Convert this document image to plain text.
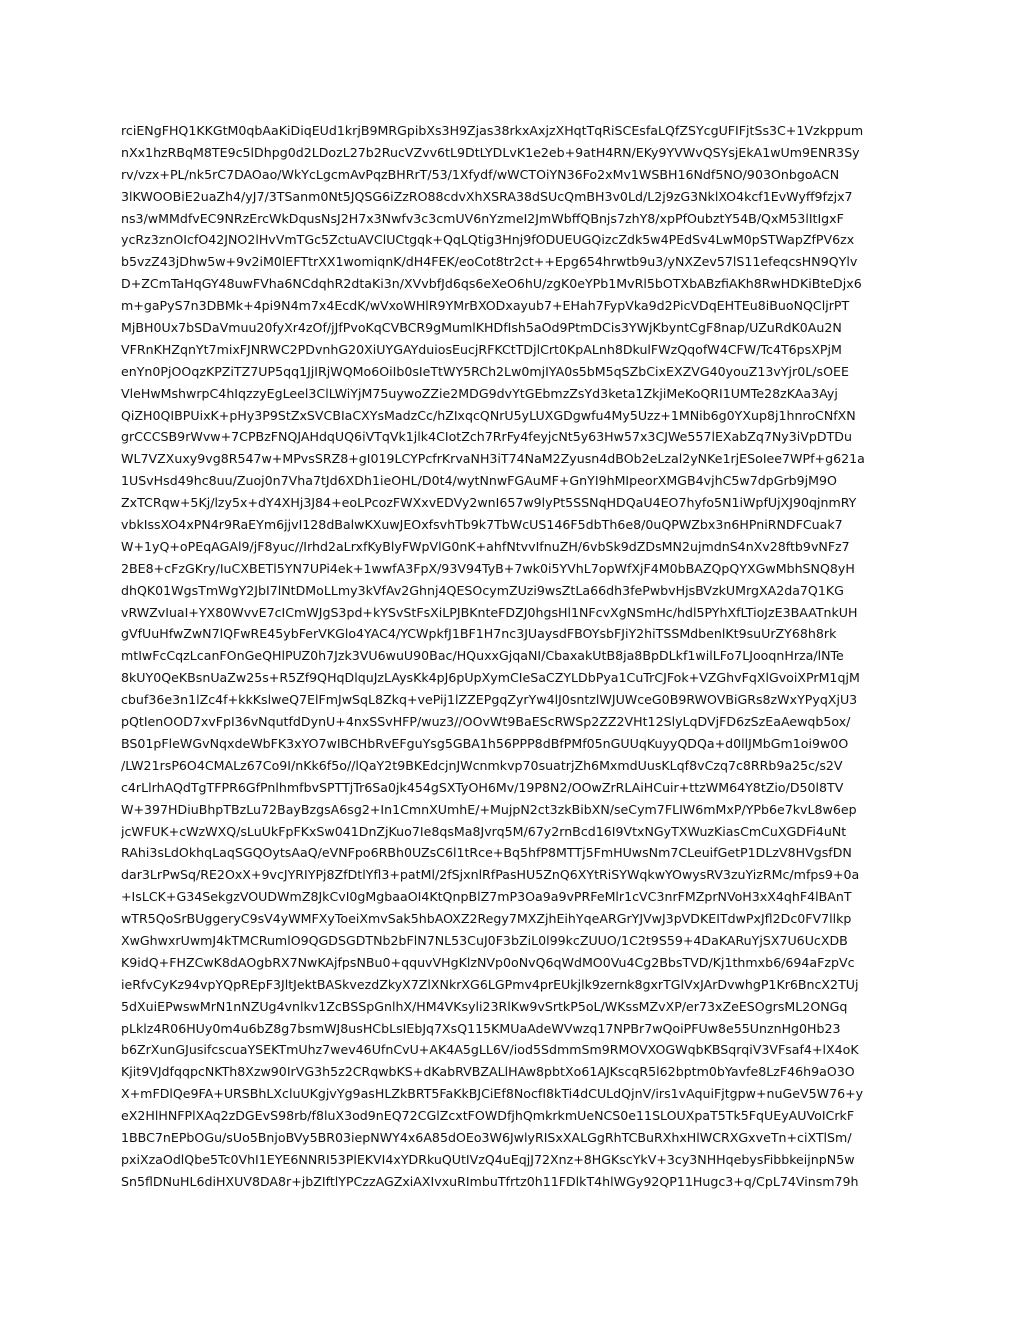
rciENgFHQ1KKGtM0qbAaKiDiqEUd1krjB9MRGpibXs3H9Zjas38rkxAxjzXHqtTqRiSCEsfaLQfZSYcgUFIFjtSs3C+1Vzkppum
nXx1hzRBqM8TE9c5lDhpg0d2LDozL27b2RucVZvv6tL9DtLYDLvK1e2eb+9atH4RN/EKy9YVWvQSYsjEkA1wUm9ENR3Sy
rv/vzx+PL/nk5rC7DAOao/WkYcLgcmAvPqzBHRrT/53/1Xfydf/wWCTOiYN36Fo2xMv1WSBH16Ndf5NO/903OnbgoACN
3lKWOOBiE2uaZh4/yJ7/3TSanm0Nt5JQSG6iZzRO88cdvXhXSRA38dSUcQmBH3v0Ld/L2j9zG3NklXO4kcf1EvWyff9fzjx7
ns3/wMMdfvEC9NRzErcWkDqusNsJ2H7x3Nwfv3c3cmUV6nYzmeI2JmWbffQBnjs7zhY8/xpPfOubztY54B/QxM53lItIgxF
ycRz3znOIcfO42JNO2lHvVmTGc5ZctuAVClUCtgqk+QqLQtig3Hnj9fODUEUGQizcZdk5w4PEdSv4LwM0pSTWapZfPV6zx
b5vzZ43jDhw5w+9v2iM0lEFTtrXX1womiqnK/dH4FEK/eoCot8tr2ct++Epg654hrwtb9u3/yNXZev57lS11efeqcsHN9QYlv
D+ZCmTaHqGY48uwFVha6NCdqhR2dtaKi3n/XVvbfJd6qs6eXeO6hU/zgK0eYPb1MvRl5bOTXbABzfiAKh8RwHDKiBteDjx6
m+gaPyS7n3DBMk+4pi9N4m7x4EcdK/wVxoWHlR9YMrBXODxayub7+EHah7FypVka9d2PicVDqEHTEu8iBuoNQCljrPT
MjBH0Ux7bSDaVmuu20fyXr4zOf/jJfPvoKqCVBCR9gMumlKHDfIsh5aOd9PtmDCis3YWjKbyntCgF8nap/UZuRdK0Au2N
VFRnKHZqnYt7mixFJNRWC2PDvnhG20XiUYGAYduiosEucjRFKCtTDjlCrt0KpALnh8DkulFWzQqofW4CFW/Tc4T6psXPjM
enYn0PjOOqzKPZiTZ7UP5qq1JjIRjWQMo6OiIb0sIeTtWY5RCh2Lw0mjIYA0s5bM5qSZbCixEXZVG40youZ13vYjr0L/sOEE
VleHwMshwrpC4hIqzzyEgLeel3ClLWiYjM75uywoZZie2MDG9dvYtGEbmzZsYd3keta1ZkjiMeKoQRI1UMTe28zKAa3Ayj
QiZH0QIBPUixK+pHy3P9StZxSVCBIaCXYsMadzCc/hZIxqcQNrU5yLUXGDgwfu4My5Uzz+1MNib6g0YXup8j1hnroCNfXN
grCCCSB9rWvw+7CPBzFNQJAHdqUQ6iVTqVk1jlk4CIotZch7RrFy4feyjcNt5y63Hw57x3CJWe557lEXabZq7Ny3iVpDTDu
WL7VZXuxy9vg8R547w+MPvsSRZ8+gI019LCYPcfrKrvaNH3iT74NaM2Zyusn4dBOb2eLzal2yNKe1rjESoIee7WPf+g621a
1USvHsd49hc8uu/Zuoj0n7Vha7tJd6XDh1ieOHL/D0t4/wytNnwFGAuMF+GnYI9hMIpeorXMGB4vjhC5w7dpGrb9jM9O
ZxTCRqw+5Kj/lzy5x+dY4XHj3J84+eoLPcozFWXxvEDVy2wnI657w9lyPt5SSNqHDQaU4EO7hyfo5N1iWpfUjXJ90qjnmRY
vbkIssXO4xPN4r9RaEYm6jjvI128dBalwKXuwJEOxfsvhTb9k7TbWcUS146F5dbTh6e8/0uQPWZbx3n6HPniRNDFCuak7
W+1yQ+oPEqAGAl9/jF8yuc//Irhd2aLrxfKyBlyFWpVlG0nK+ahfNtvvIfnuZH/6vbSk9dZDsMN2ujmdnS4nXv28ftb9vNFz7
2BE8+cFzGKry/IuCXBETl5YN7UPi4ek+1wwfA3FpX/93V94TyB+7wk0i5YVhL7opWfXjF4M0bBAZQpQYXGwMbhSNQ8yH
dhQK01WgsTmWgY2JbI7lNtDMoLLmy3kVfAv2Ghnj4QESOcymZUzi9wsZtLa66dh3fePwbvHjsBVzkUMrgXA2da7Q1KG
vRWZvIuaI+YX80WvvE7cICmWJgS3pd+kYSvStFsXiLPJBKnteFDZJ0hgsHl1NFcvXgNSmHc/hdl5PYhXfLTioJzE3BAATnkUH
gVfUuHfwZwN7lQFwRE45ybFerVKGlo4YAC4/YCWpkfJ1BF1H7nc3JUaysdFBOYsbFJiY2hiTSSMdbenlKt9suUrZY68h8rk
mtIwFcCqzLcanFOnGeQHlPUZ0h7Jzk3VU6wuU90Bac/HQuxxGjqaNI/CbaxakUtB8ja8BpDLkf1wilLFo7LJooqnHrza/lNTe
8kUY0QeKBsnUaZw25s+R5Zf9QHqDlquJzLAysKk4pJ6pUpXymCIeSaCZYLDbPya1CuTrCJFok+VZGhvFqXlGvoiXPrM1qjM
cbuf36e3n1lZc4f+kkKslweQ7ElFmJwSqL8Zkq+vePij1lZZEPgqZyrYw4lJ0sntzlWJUWceG0B9RWOVBiGRs8zWxYPyqXjU3
pQtIenOOD7xvFpI36vNqutfdDynU+4nxSSvHFP/wuz3//OOvWt9BaEScRWSp2ZZ2VHt12SlyLqDVjFD6zSzEaAewqb5ox/
BS01pFleWGvNqxdeWbFK3xYO7wIBCHbRvEFguYsg5GBA1h56PPP8dBfPMf05nGUUqKuyyQDQa+d0llJMbGm1oi9w0O
/LW21rsP6O4CMALz67Co9I/nKk6f5o//lQaY2t9BKEdcjnJWcnmkvp70suatrjZh6MxmdUusKLqf8vCzq7c8RRb9a25c/s2V
c4rLlrhAQdTgTFPR6GfPnlhmfbvSPTTjTr6Sa0jk454gSXTyOH6Mv/19P8N2/OOwZrRLAiHCuir+ttzWM64Y8tZio/D50l8TV
W+397HDiuBhpTBzLu72BayBzgsA6sg2+In1CmnXUmhE/+MujpN2ct3zkBibXN/seCym7FLIW6mMxP/YPb6e7kvL8w6ep
jcWFUK+cWzWXQ/sLuUkFpFKxSw041DnZjKuo7Ie8qsMa8Jvrq5M/67y2rnBcd16I9VtxNGyTXWuzKiasCmCuXGDFi4uNt
RAhi3sLdOkhqLaqSGQOytsAaQ/eVNFpo6RBh0UZsC6l1tRce+Bq5hfP8MTTj5FmHUwsNm7CLeuifGetP1DLzV8HVgsfDN
dar3LrPwSq/RE2OxX+9vcJYRIYPj8ZfDtlYfl3+patMl/2fSjxnlRfPasHU5ZnQ6XYtRiSYWqkwYOwysRV3zuYizRMc/mfps9+0a
+IsLCK+G34SekgzVOUDWmZ8JkCvI0gMgbaaOI4KtQnpBlZ7mP3Oa9a9vPRFeMlr1cVC3nrFMZprNVoH3xX4qhF4lBAnT
wTR5QoSrBUggeryC9sV4yWMFXyToeiXmvSak5hbAOXZ2Regy7MXZjhEihYqeARGrYJVwJ3pVDKEITdwPxJfl2Dc0FV7llkp
XwGhwxrUwmJ4kTMCRumlO9QGDSGDTNb2bFlN7NL53CuJ0F3bZiL0l99kcZUUO/1C2t9S59+4DaKARuYjSX7U6UcXDB
K9idQ+FHZCwK8dAOgbRX7NwKAjfpsNBu0+qquvVHgKlzNVp0oNvQ6qWdMO0Vu4Cg2BbsTVD/Kj1thmxb6/694aFzpVc
ieRfvCyKz94vpYQpREpF3JltJektBASkvezdZkyX7ZlXNkrXG6LGPmv4prEUkjlk9zernk8gxrTGlVxJArDvwhgP1Kr6BncX2TUj
5dXuiEPwswMrN1nNZUg4vnlkv1ZcBSSpGnlhX/HM4VKsyli23RlKw9vSrtkP5oL/WKssMZvXP/er73xZeESOgrsML2ONGq
pLklz4R06HUy0m4u6bZ8g7bsmWJ8usHCbLsIEbJq7XsQ115KMUaAdeWVwzq17NPBr7wQoiPFUw8e55UnznHg0Hb23
b6ZrXunGJusifcscuaYSEKTmUhz7wev46UfnCvU+AK4A5gLL6V/iod5SdmmSm9RMOVXOGWqbKBSqrqiV3VFsaf4+lX4oK
Kjit9VJdfqqpcNKTh8Xzw90IrVG3h5z2CRqwbKS+dKabRVBZALlHAw8pbtXo61AJKscqR5l62bptm0bYavfe8LzF46h9aO3O
X+mFDlQe9FA+URSBhLXcluUKgjvYg9asHLZkBRT5FaKkBJCiEf8NocfI8kTi4dCULdQjnV/irs1vAquiFjtgpw+nuGeV5W76+y
eX2HlHNFPlXAq2zDGEvS98rb/f8luX3od9nEQ72CGlZcxtFOWDfjhQmkrkmUeNCS0e11SLOUXpaT5Tk5FqUEyAUVoICrkF
1BBC7nEPbOGu/sUo5BnjoBVy5BR03iepNWY4x6A85dOEo3W6JwlyRISxXALGgRhTCBuRXhxHlWCRXGxveTn+ciXTlSm/
pxiXzaOdlQbe5Tc0VhI1EYE6NNRI53PlEKVI4xYDRkuQUtIVzQ4uEqjJ72Xnz+8HGKscYkV+3cy3NHHqebysFibbkeijnpN5w
Sn5flDNuHL6diHXUV8DA8r+jbZIftlYPCzzAGZxiAXIvxuRImbuTfrtz0h11FDlkT4hlWGy92QP11Hugc3+q/CpL74Vinsm79h
